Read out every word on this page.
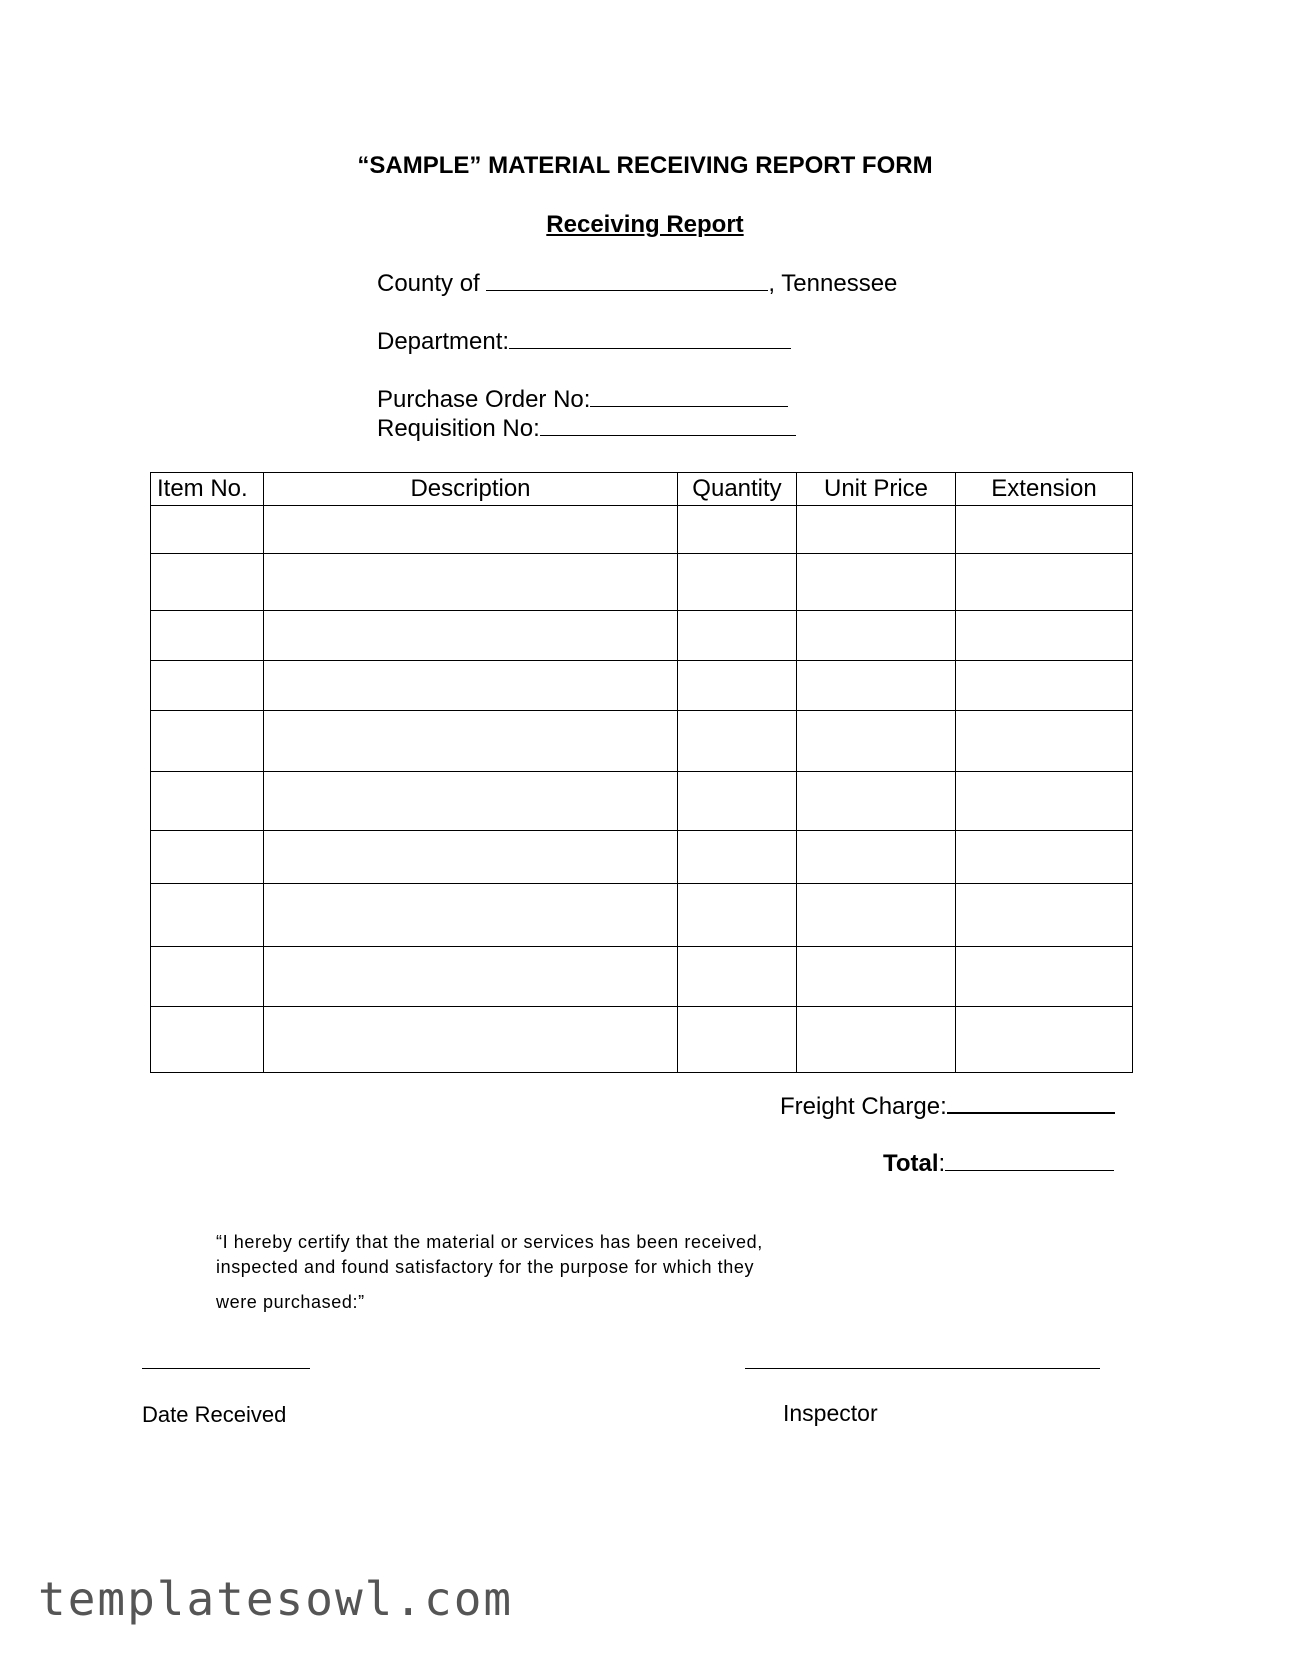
“SAMPLE” MATERIAL RECEIVING REPORT FORM
Receiving Report
County of	, Tennessee
Department:
Purchase Order No:
Requisition No:
Item No.	Description	Quantity	Unit Price	Extension

Freight Charge:
Total:
“I hereby certify that the material or services has been received,
inspected and found satisfactory for the purpose for which they
were purchased:”
Date Received	Inspector
templatesowl.com
